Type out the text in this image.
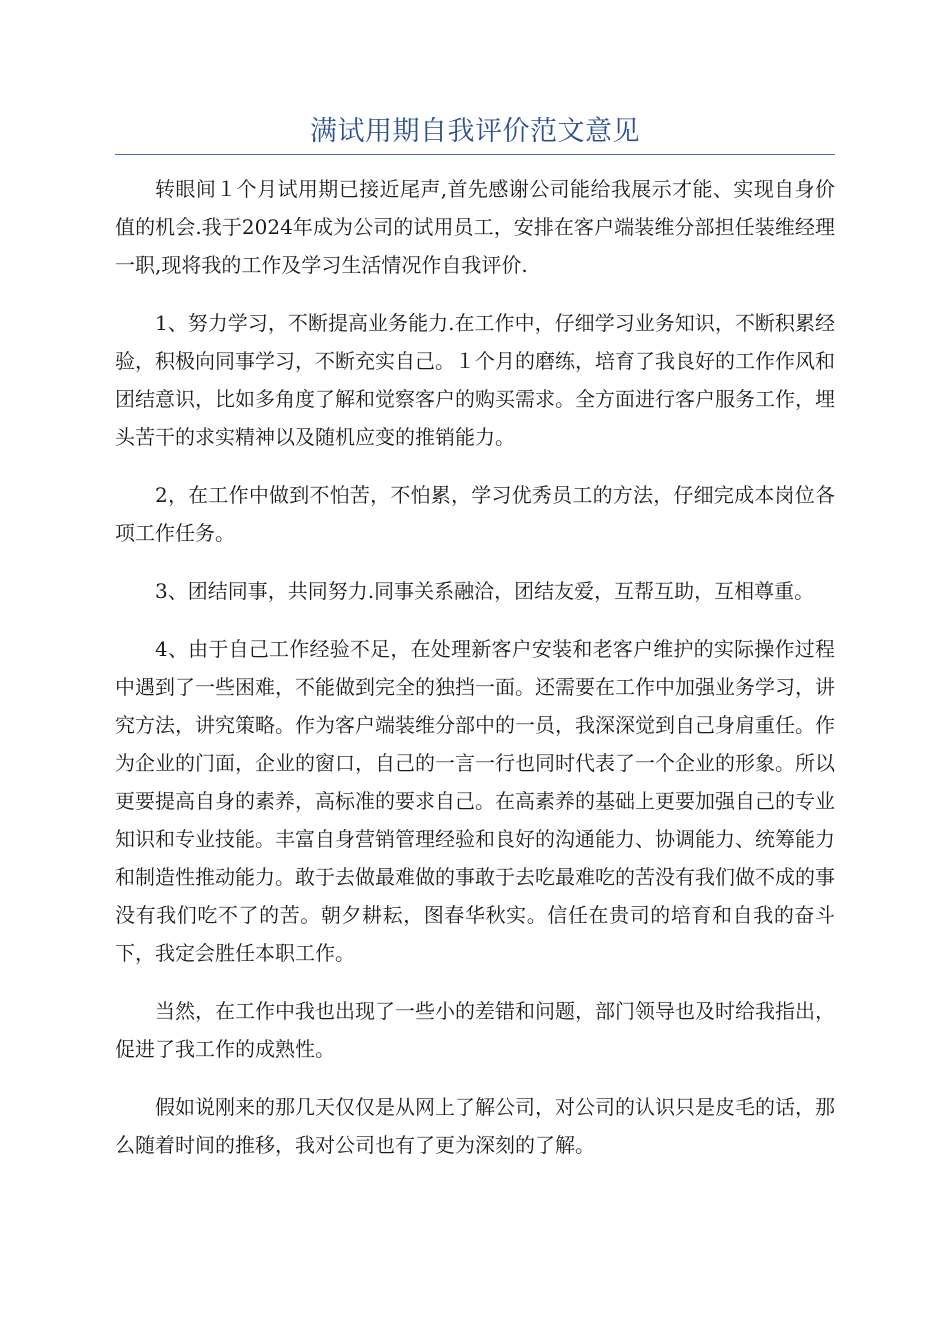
满试用期自我评价范文意见

转眼间１个月试用期已接近尾声,首先感谢公司能给我展示才能、实现自身价值的机会.我于2024年成为公司的试用员工，安排在客户端装维分部担任装维经理一职,现将我的工作及学习生活情况作自我评价.

1、努力学习，不断提高业务能力.在工作中，仔细学习业务知识，不断积累经验，积极向同事学习，不断充实自己。１个月的磨练，培育了我良好的工作作风和团结意识，比如多角度了解和觉察客户的购买需求。全方面进行客户服务工作，埋头苦干的求实精神以及随机应变的推销能力。

2，在工作中做到不怕苦，不怕累，学习优秀员工的方法，仔细完成本岗位各项工作任务。

3、团结同事，共同努力.同事关系融洽，团结友爱，互帮互助，互相尊重。

4、由于自己工作经验不足，在处理新客户安装和老客户维护的实际操作过程中遇到了一些困难，不能做到完全的独挡一面。还需要在工作中加强业务学习，讲究方法，讲究策略。作为客户端装维分部中的一员，我深深觉到自己身肩重任。作为企业的门面，企业的窗口，自己的一言一行也同时代表了一个企业的形象。所以更要提高自身的素养，高标准的要求自己。在高素养的基础上更要加强自己的专业知识和专业技能。丰富自身营销管理经验和良好的沟通能力、协调能力、统筹能力和制造性推动能力。敢于去做最难做的事敢于去吃最难吃的苦没有我们做不成的事没有我们吃不了的苦。朝夕耕耘，图春华秋实。信任在贵司的培育和自我的奋斗下，我定会胜任本职工作。

当然，在工作中我也出现了一些小的差错和问题，部门领导也及时给我指出，促进了我工作的成熟性。

假如说刚来的那几天仅仅是从网上了解公司，对公司的认识只是皮毛的话，那么随着时间的推移，我对公司也有了更为深刻的了解。
